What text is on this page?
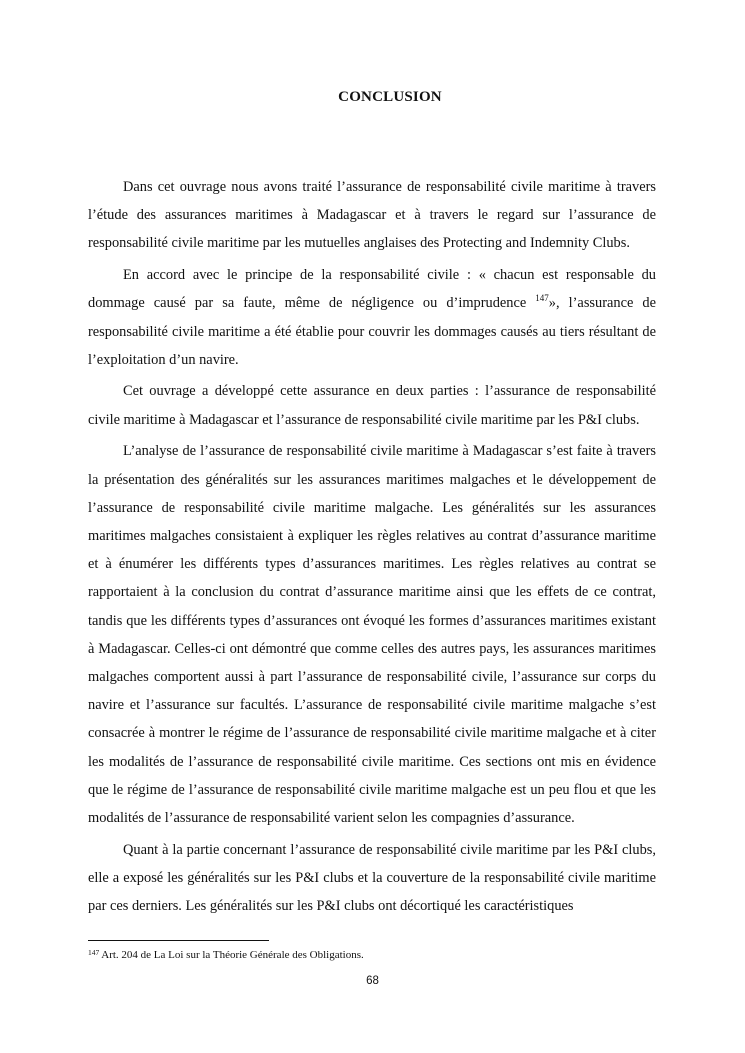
CONCLUSION

Dans cet ouvrage nous avons traité l’assurance de responsabilité civile maritime à travers l’étude des assurances maritimes à Madagascar et à travers le regard sur l’assurance de responsabilité civile maritime par les mutuelles anglaises des Protecting and Indemnity Clubs.

En accord avec le principe de la responsabilité civile : « chacun est responsable du dommage causé par sa faute, même de négligence ou d’imprudence $^{147}$», l’assurance de responsabilité civile maritime a été établie pour couvrir les dommages causés au tiers résultant de l’exploitation d’un navire.

Cet ouvrage a développé cette assurance en deux parties : l’assurance de responsabilité civile maritime à Madagascar et l’assurance de responsabilité civile maritime par les P&I clubs.

L’analyse de l’assurance de responsabilité civile maritime à Madagascar s’est faite à travers la présentation des généralités sur les assurances maritimes malgaches et le développement de l’assurance de responsabilité civile maritime malgache. Les généralités sur les assurances maritimes malgaches consistaient à expliquer les règles relatives au contrat d’assurance maritime et à énumérer les différents types d’assurances maritimes. Les règles relatives au contrat se rapportaient à la conclusion du contrat d’assurance maritime ainsi que les effets de ce contrat, tandis que les différents types d’assurances ont évoqué les formes d’assurances maritimes existant à Madagascar. Celles-ci ont démontré que comme celles des autres pays, les assurances maritimes malgaches comportent aussi à part l’assurance de responsabilité civile, l’assurance sur corps du navire et l’assurance sur facultés. L’assurance de responsabilité civile maritime malgache s’est consacrée à montrer le régime de l’assurance de responsabilité civile maritime malgache et à citer les modalités de l’assurance de responsabilité civile maritime. Ces sections ont mis en évidence que le régime de l’assurance de responsabilité civile maritime malgache est un peu flou et que les modalités de l’assurance de responsabilité varient selon les compagnies d’assurance.

Quant à la partie concernant l’assurance de responsabilité civile maritime par les P&I clubs, elle a exposé les généralités sur les P&I clubs et la couverture de la responsabilité civile maritime par ces derniers. Les généralités sur les P&I clubs ont décortiqué les caractéristiques

$^{147}$ Art. 204 de La Loi sur la Théorie Générale des Obligations.
68
